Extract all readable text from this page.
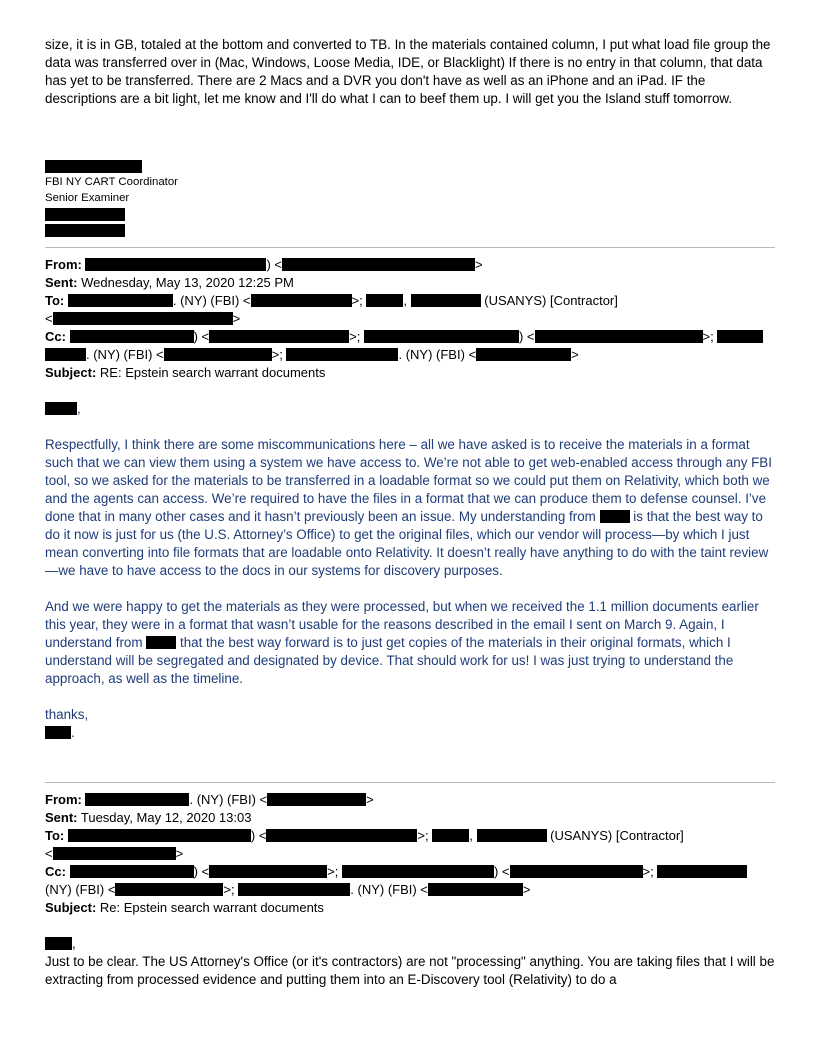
size, it is in GB, totaled at the bottom and converted to TB. In the materials contained column, I put what load file group the data was transferred over in (Mac, Windows, Loose Media, IDE, or Blacklight) If there is no entry in that column, that data has yet to be transferred. There are 2 Macs and a DVR you don't have as well as an iPhone and an iPad. IF the descriptions are a bit light, let me know and I'll do what I can to beef them up. I will get you the Island stuff tomorrow.

FBI NY CART Coordinator
Senior Examiner
From:	) <	>
Sent: Wednesday, May 13, 2020 12:25 PM
To:	. (NY) (FBI) <	>;	,	(USANYS) [Contractor]
<	>
Cc:	) <	>;	) <	>;
. (NY) (FBI) <	>;	. (NY) (FBI) <	>
Subject: RE: Epstein search warrant documents

,

Respectfully, I think there are some miscommunications here – all we have asked is to receive the materials in a format such that we can view them using a system we have access to. We’re not able to get web-enabled access through any FBI tool, so we asked for the materials to be transferred in a loadable format so we could put them on Relativity, which both we and the agents can access. We’re required to have the files in a format that we can produce them to defense counsel. I’ve done that in many other cases and it hasn’t previously been an issue. My understanding from	is that the best way to do it now is just for us (the U.S. Attorney’s Office) to get the original files, which our vendor will process—by which I just mean converting into file formats that are loadable onto Relativity. It doesn’t really have anything to do with the taint review—we have to have access to the docs in our systems for discovery purposes.

And we were happy to get the materials as they were processed, but when we received the 1.1 million documents earlier this year, they were in a format that wasn’t usable for the reasons described in the email I sent on March 9. Again, I understand from	that the best way forward is to just get copies of the materials in their original formats, which I understand will be segregated and designated by device. That should work for us! I was just trying to understand the approach, as well as the timeline.

thanks,

.

From:	. (NY) (FBI) <	>
Sent: Tuesday, May 12, 2020 13:03
To:	) <	>;	,	(USANYS) [Contractor]
<	>
Cc:	) <	>;	) <	>;
(NY) (FBI) <	>;	. (NY) (FBI) <	>
Subject: Re: Epstein search warrant documents

,

Just to be clear. The US Attorney's Office (or it's contractors) are not "processing" anything. You are taking files that I will be extracting from processed evidence and putting them into an E-Discovery tool (Relativity) to do a
